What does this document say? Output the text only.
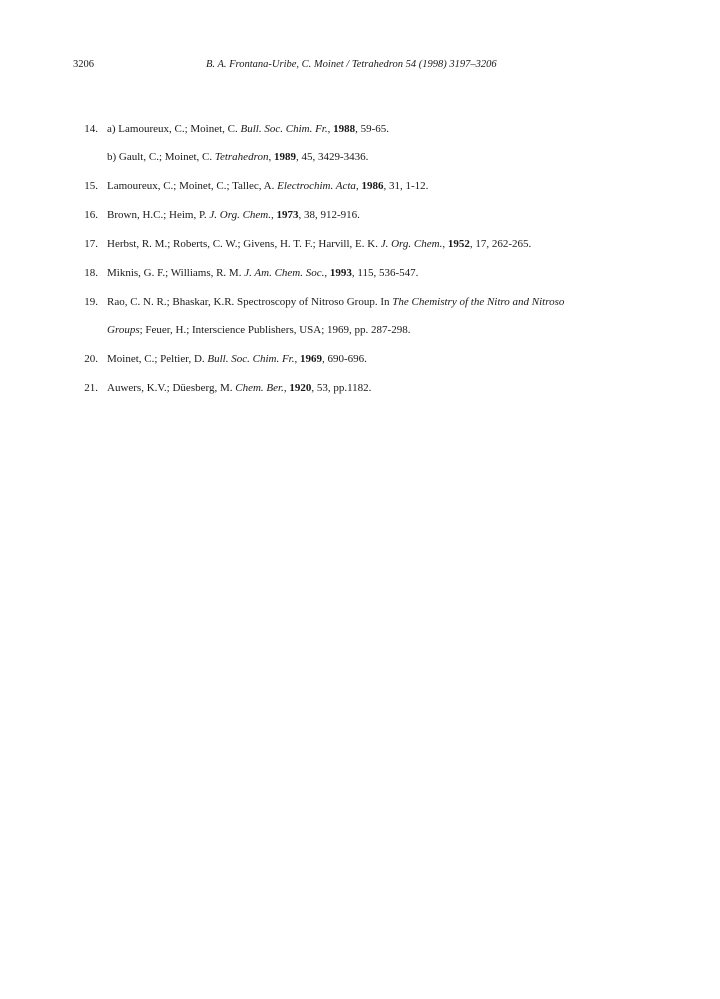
3206	B. A. Frontana-Uribe, C. Moinet / Tetrahedron 54 (1998) 3197–3206
14. a) Lamoureux, C.; Moinet, C. Bull. Soc. Chim. Fr., 1988, 59-65.
b) Gault, C.; Moinet, C. Tetrahedron, 1989, 45, 3429-3436.
15. Lamoureux, C.; Moinet, C.; Tallec, A. Electrochim. Acta, 1986, 31, 1-12.
16. Brown, H.C.; Heim, P. J. Org. Chem., 1973, 38, 912-916.
17. Herbst, R. M.; Roberts, C. W.; Givens, H. T. F.; Harvill, E. K. J. Org. Chem., 1952, 17, 262-265.
18. Miknis, G. F.; Williams, R. M. J. Am. Chem. Soc., 1993, 115, 536-547.
19. Rao, C. N. R.; Bhaskar, K.R. Spectroscopy of Nitroso Group. In The Chemistry of the Nitro and Nitroso
Groups; Feuer, H.; Interscience Publishers, USA; 1969, pp. 287-298.
20. Moinet, C.; Peltier, D. Bull. Soc. Chim. Fr., 1969, 690-696.
21. Auwers, K.V.; Düesberg, M. Chem. Ber., 1920, 53, pp.1182.
